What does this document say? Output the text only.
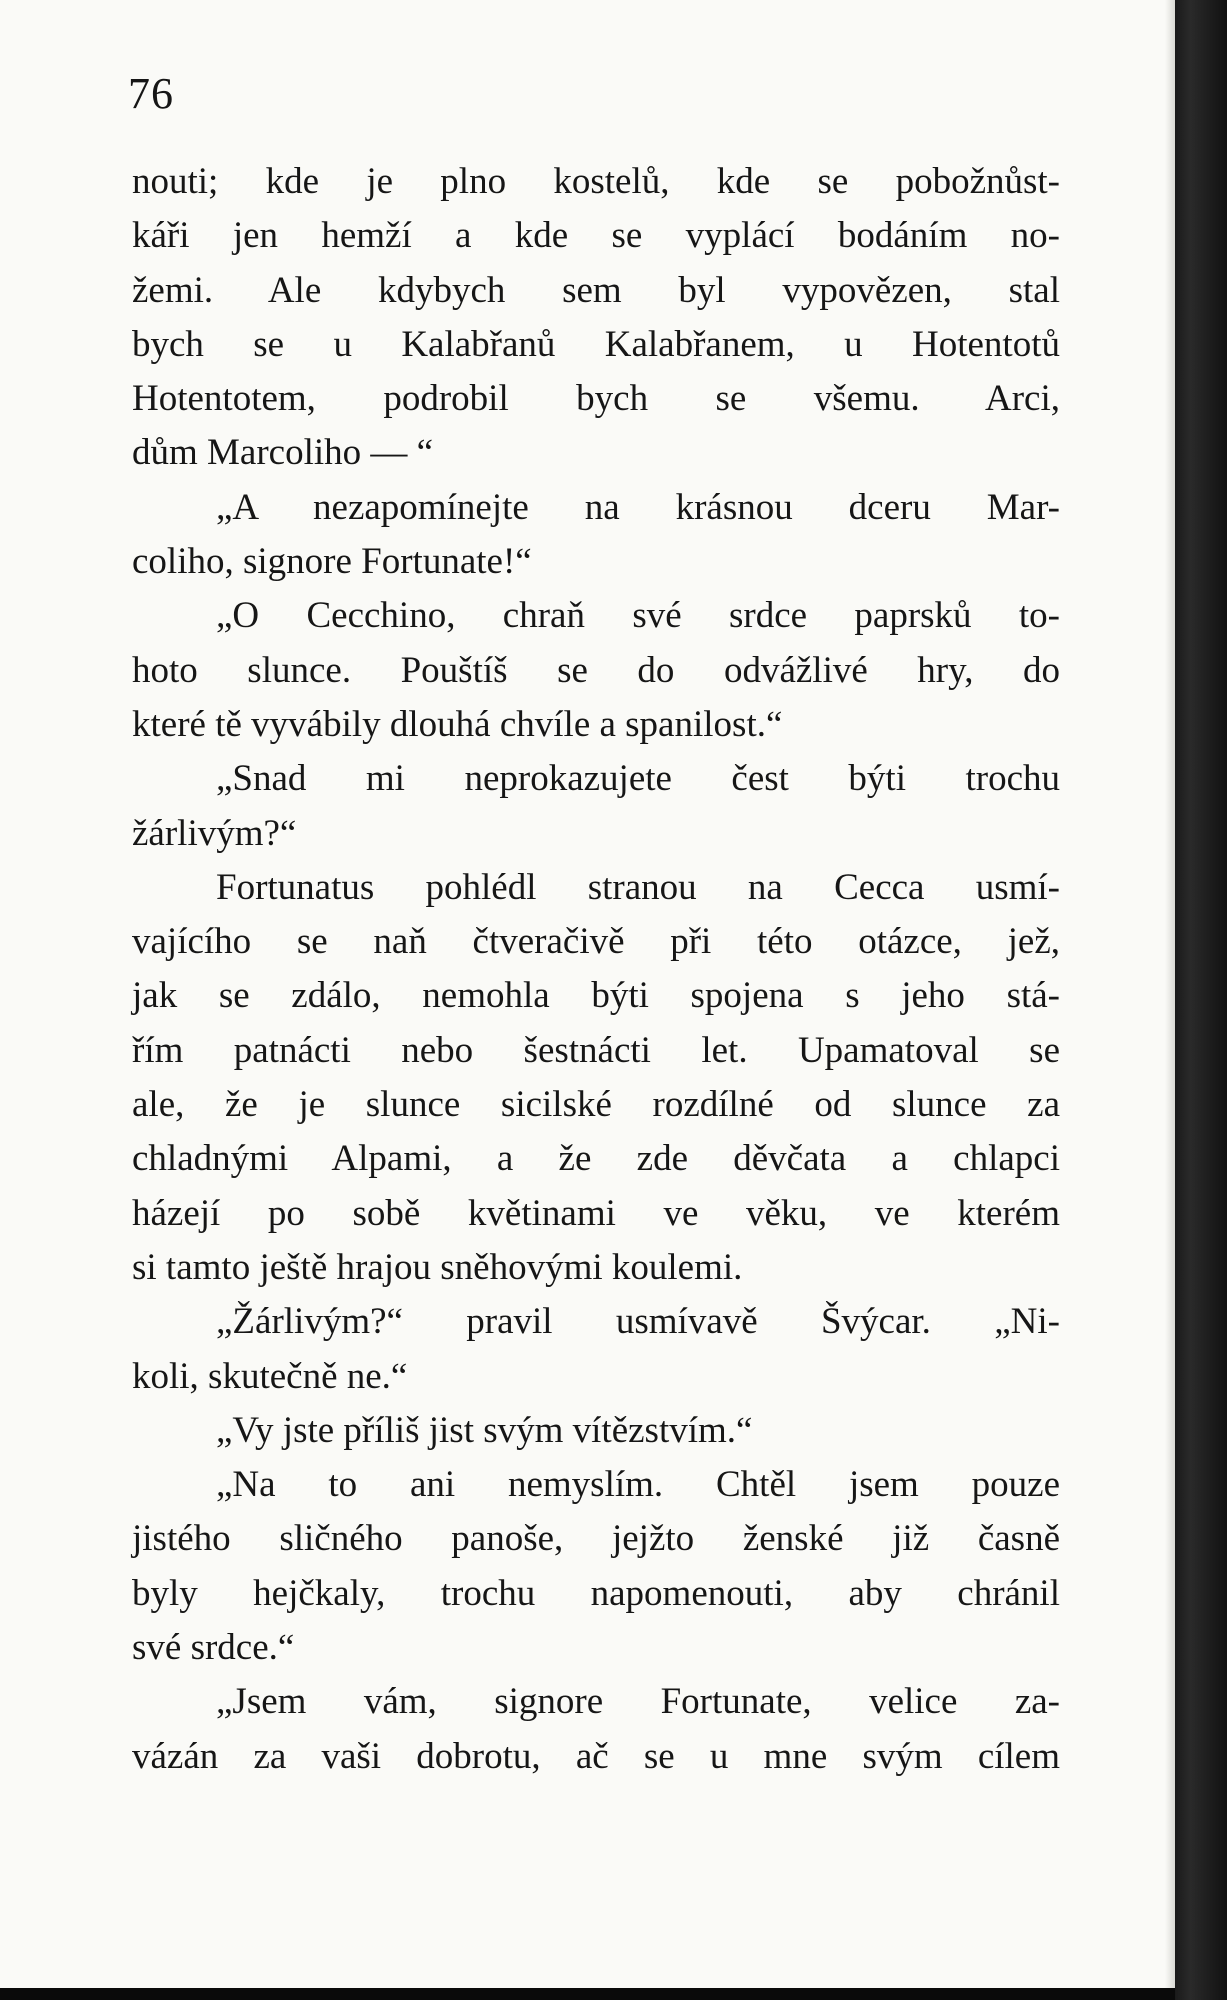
76
nouti; kde je plno kostelů, kde se pobožnůst-
káři jen hemží a kde se vyplácí bodáním no-
žemi. Ale kdybych sem byl vypovězen, stal
bych se u Kalabřanů Kalabřanem, u Hotentotů
Hotentotem, podrobil bych se všemu. Arci,
dům Marcoliho — “
„A nezapomínejte na krásnou dceru Mar-
coliho, signore Fortunate!“
„O Cecchino, chraň své srdce paprsků to-
hoto slunce. Pouštíš se do odvážlivé hry, do
které tě vyvábily dlouhá chvíle a spanilost.“
„Snad mi neprokazujete čest býti trochu
žárlivým?“
Fortunatus pohlédl stranou na Cecca usmí-
vajícího se naň čtveračivě při této otázce, jež,
jak se zdálo, nemohla býti spojena s jeho stá-
řím patnácti nebo šestnácti let. Upamatoval se
ale, že je slunce sicilské rozdílné od slunce za
chladnými Alpami, a že zde děvčata a chlapci
házejí po sobě květinami ve věku, ve kterém
si tamto ještě hrajou sněhovými koulemi.
„Žárlivým?“ pravil usmívavě Švýcar. „Ni-
koli, skutečně ne.“
„Vy jste příliš jist svým vítězstvím.“
„Na to ani nemyslím. Chtěl jsem pouze
jistého sličného panoše, jejžto ženské již časně
byly hejčkaly, trochu napomenouti, aby chránil
své srdce.“
„Jsem vám, signore Fortunate, velice za-
vázán za vaši dobrotu, ač se u mne svým cílem
